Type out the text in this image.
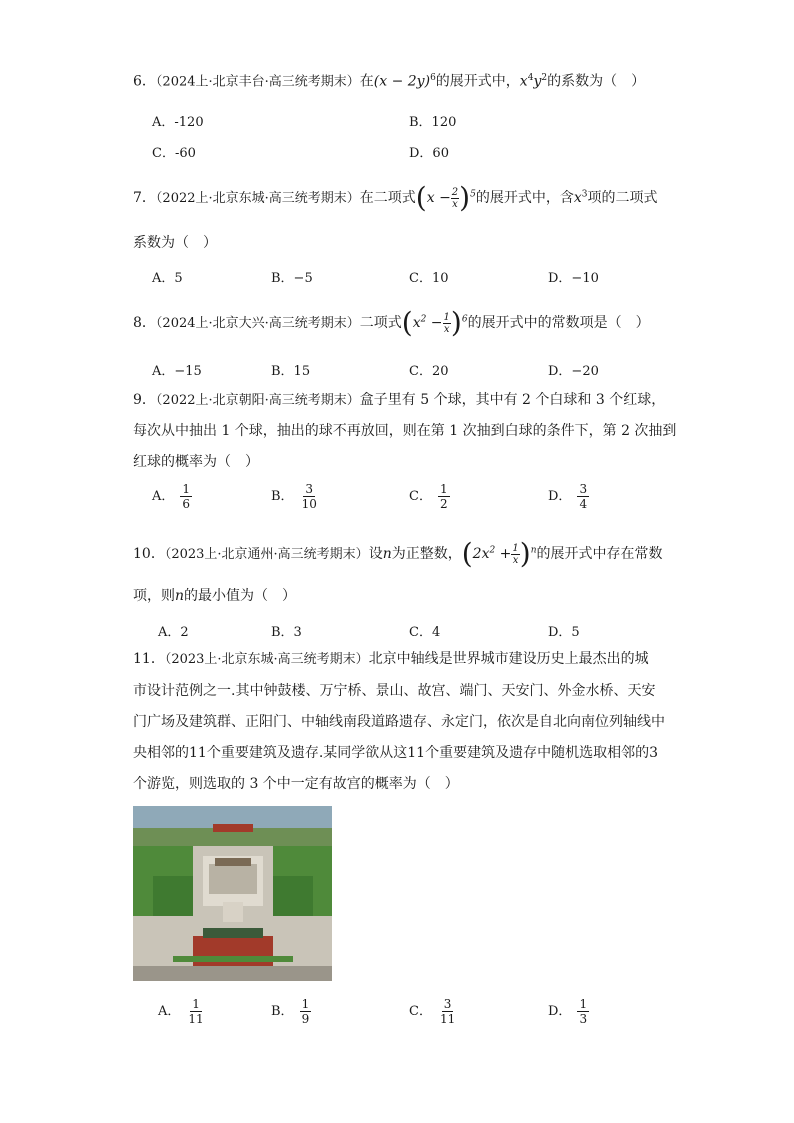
6．（2024上·北京丰台·高三统考期末）在$(x - 2y)^6$的展开式中，$x^4y^2$的系数为（　）
A．-120	B．120
C．-60	D．60
7．（2022上·北京东城·高三统考期末）在二项式$(x - \frac{2}{x} )^5$的展开式中，含$x^3$项的二项式
系数为（　）
A．5	B．−5	C．10	D．−10
8．（2024上·北京大兴·高三统考期末）二项式$(x^2 - \frac{1}{x} )^6$的展开式中的常数项是（　）
A．−15	B．15	C．20	D．−20
9．（2022上·北京朝阳·高三统考期末）盒子里有 5 个球，其中有 2 个白球和 3 个红球，
每次从中抽出 1 个球，抽出的球不再放回，则在第 1 次抽到白球的条件下，第 2 次抽到
红球的概率为（　）
A． $\frac{1}{6}$	B． $\frac{3}{10}$	C． $\frac{1}{2}$	D． $\frac{3}{4}$
10．（2023上·北京通州·高三统考期末）设n为正整数，$(2x^2 + \frac{1}{x} )^n$的展开式中存在常数
项，则n的最小值为（　）
A．2	B．3	C．4	D．5
11．（2023上·北京东城·高三统考期末）北京中轴线是世界城市建设历史上最杰出的城
市设计范例之一.其中钟鼓楼、万宁桥、景山、故宫、端门、天安门、外金水桥、天安
门广场及建筑群、正阳门、中轴线南段道路遗存、永定门，依次是自北向南位列轴线中
央相邻的11个重要建筑及遗存.某同学欲从这11个重要建筑及遗存中随机选取相邻的3
个游览，则选取的 3 个中一定有故宫的概率为（　）
A． $\frac{1}{11}$	B． $\frac{1}{9}$	C． $\frac{3}{11}$	D． $\frac{1}{3}$
